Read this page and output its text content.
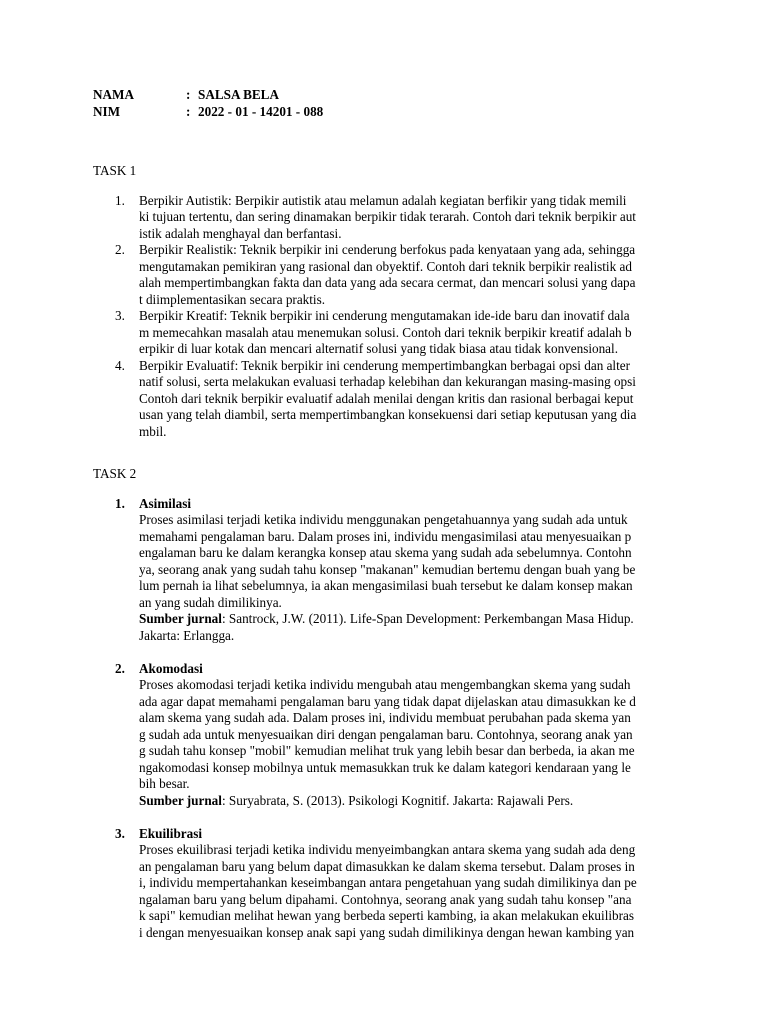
NAMA	: SALSA BELA
NIM	: 2022 - 01 - 14201 - 088
TASK 1
1. Berpikir Autistik: Berpikir autistik atau melamun adalah kegiatan berfikir yang tidak memili
ki tujuan tertentu, dan sering dinamakan berpikir tidak terarah. Contoh dari teknik berpikir aut
istik adalah menghayal dan berfantasi.
2. Berpikir Realistik: Teknik berpikir ini cenderung berfokus pada kenyataan yang ada, sehingga
mengutamakan pemikiran yang rasional dan obyektif. Contoh dari teknik berpikir realistik ad
alah mempertimbangkan fakta dan data yang ada secara cermat, dan mencari solusi yang dapa
t diimplementasikan secara praktis.
3. Berpikir Kreatif: Teknik berpikir ini cenderung mengutamakan ide-ide baru dan inovatif dala
m memecahkan masalah atau menemukan solusi. Contoh dari teknik berpikir kreatif adalah b
erpikir di luar kotak dan mencari alternatif solusi yang tidak biasa atau tidak konvensional.
4. Berpikir Evaluatif: Teknik berpikir ini cenderung mempertimbangkan berbagai opsi dan alter
natif solusi, serta melakukan evaluasi terhadap kelebihan dan kekurangan masing-masing opsi
Contoh dari teknik berpikir evaluatif adalah menilai dengan kritis dan rasional berbagai keput
usan yang telah diambil, serta mempertimbangkan konsekuensi dari setiap keputusan yang dia
mbil.
TASK 2
1. Asimilasi
Proses asimilasi terjadi ketika individu menggunakan pengetahuannya yang sudah ada untuk
memahami pengalaman baru. Dalam proses ini, individu mengasimilasi atau menyesuaikan p
engalaman baru ke dalam kerangka konsep atau skema yang sudah ada sebelumnya. Contohn
ya, seorang anak yang sudah tahu konsep "makanan" kemudian bertemu dengan buah yang be
lum pernah ia lihat sebelumnya, ia akan mengasimilasi buah tersebut ke dalam konsep makan
an yang sudah dimilikinya.
Sumber jurnal: Santrock, J.W. (2011). Life-Span Development: Perkembangan Masa Hidup.
Jakarta: Erlangga.
2. Akomodasi
Proses akomodasi terjadi ketika individu mengubah atau mengembangkan skema yang sudah
ada agar dapat memahami pengalaman baru yang tidak dapat dijelaskan atau dimasukkan ke d
alam skema yang sudah ada. Dalam proses ini, individu membuat perubahan pada skema yan
g sudah ada untuk menyesuaikan diri dengan pengalaman baru. Contohnya, seorang anak yan
g sudah tahu konsep "mobil" kemudian melihat truk yang lebih besar dan berbeda, ia akan me
ngakomodasi konsep mobilnya untuk memasukkan truk ke dalam kategori kendaraan yang le
bih besar.
Sumber jurnal: Suryabrata, S. (2013). Psikologi Kognitif. Jakarta: Rajawali Pers.
3. Ekuilibrasi
Proses ekuilibrasi terjadi ketika individu menyeimbangkan antara skema yang sudah ada deng
an pengalaman baru yang belum dapat dimasukkan ke dalam skema tersebut. Dalam proses in
i, individu mempertahankan keseimbangan antara pengetahuan yang sudah dimilikinya dan pe
ngalaman baru yang belum dipahami. Contohnya, seorang anak yang sudah tahu konsep "ana
k sapi" kemudian melihat hewan yang berbeda seperti kambing, ia akan melakukan ekuilibras
i dengan menyesuaikan konsep anak sapi yang sudah dimilikinya dengan hewan kambing yan
